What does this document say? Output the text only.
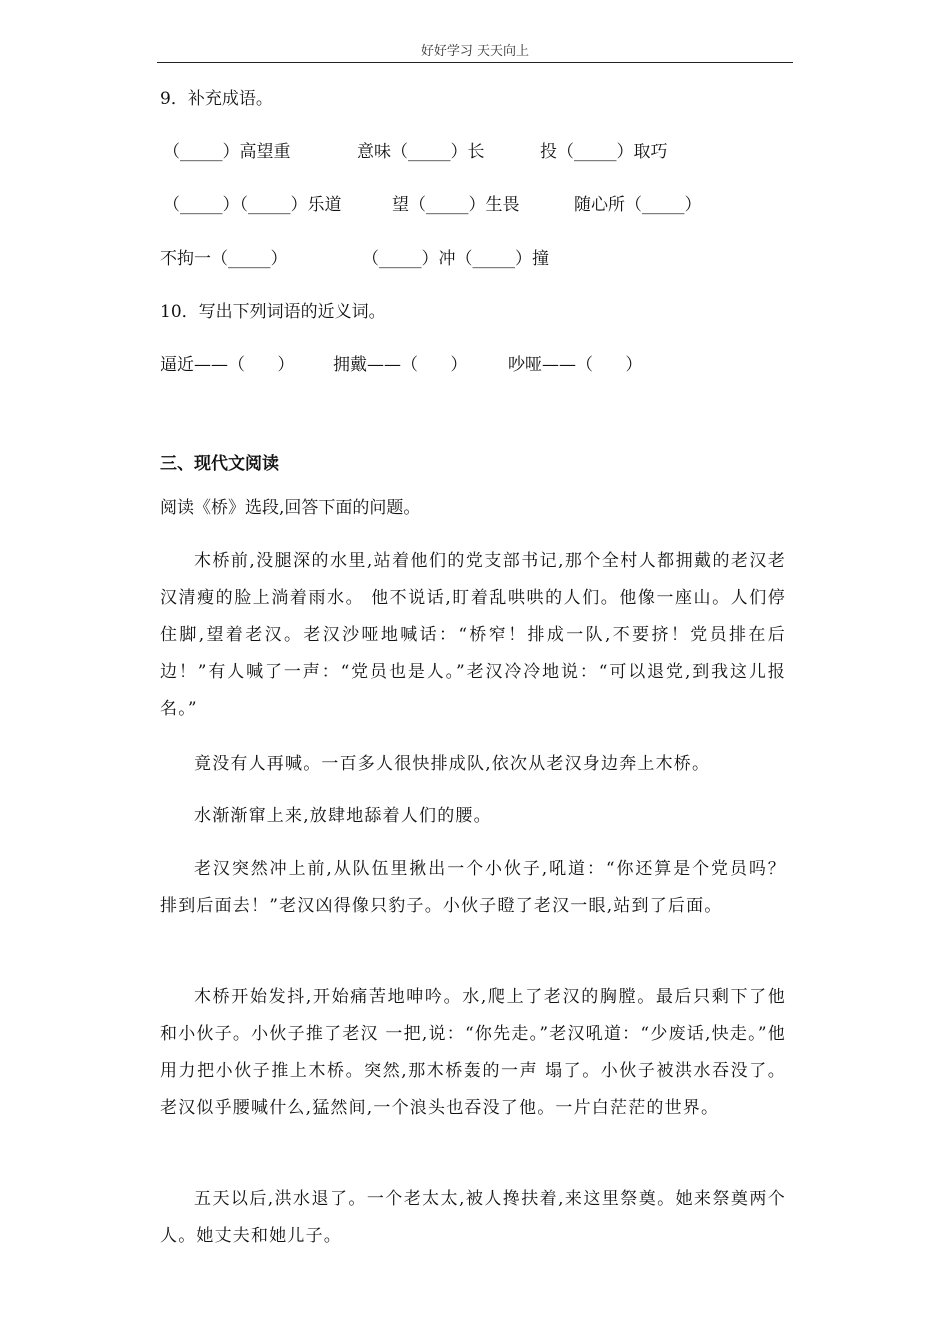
好好学习 天天向上
9．补充成语。
（_____）高望重	意味（_____）长	投（_____）取巧
（_____）（_____）乐道	望（_____）生畏	随心所（_____）
不拘一（_____）	（_____）冲（_____）撞
10．写出下列词语的近义词。
逼近——（      ） 拥戴——（      ） 吵哑——（      ）
三、现代文阅读
阅读《桥》选段,回答下面的问题。
木桥前,没腿深的水里,站着他们的党支部书记,那个全村人都拥戴的老汉老汉清瘦的脸上淌着雨水。 他不说话,盯着乱哄哄的人们。他像一座山。人们停住脚,望着老汉。老汉沙哑地喊话：“桥窄！排成一队,不要挤！党员排在后边！”有人喊了一声：“党员也是人。”老汉冷冷地说：“可以退党,到我这儿报名。”
竟没有人再喊。一百多人很快排成队,依次从老汉身边奔上木桥。
水渐渐窜上来,放肆地舔着人们的腰。
老汉突然冲上前,从队伍里揪出一个小伙子,吼道：“你还算是个党员吗？ 排到后面去！”老汉凶得像只豹子。小伙子瞪了老汉一眼,站到了后面。
木桥开始发抖,开始痛苦地呻吟。水,爬上了老汉的胸膛。最后只剩下了他和小伙子。小伙子推了老汉 一把,说：“你先走。”老汉吼道：“少废话,快走。”他用力把小伙子推上木桥。突然,那木桥轰的一声 塌了。小伙子被洪水吞没了。老汉似乎腰喊什么,猛然间,一个浪头也吞没了他。一片白茫茫的世界。
五天以后,洪水退了。一个老太太,被人搀扶着,来这里祭奠。她来祭奠两个人。她丈夫和她儿子。
